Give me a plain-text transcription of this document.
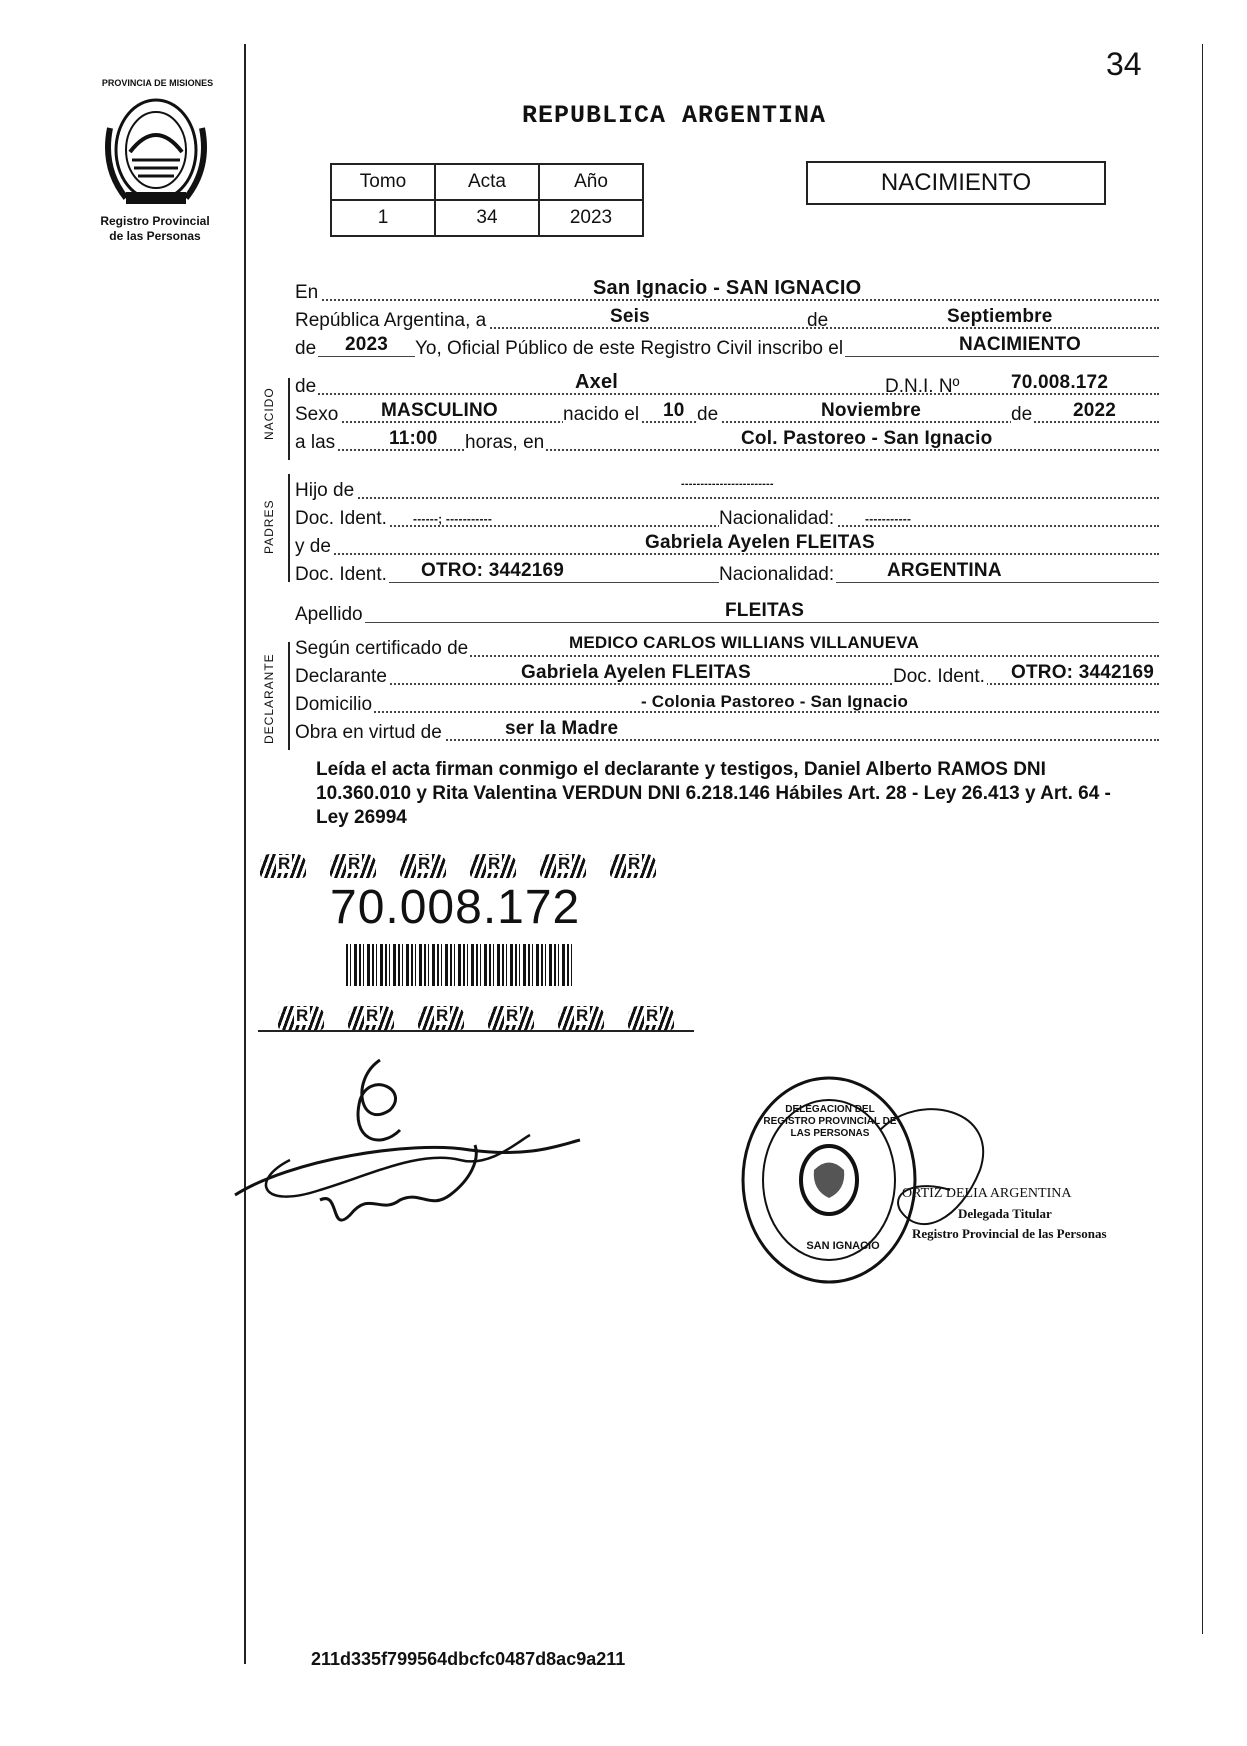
34
PROVINCIA DE MISIONES
Registro Provincial
de las Personas
REPUBLICA ARGENTINA
Tomo	Acta	Año
1	34	2023
NACIMIENTO
En	San Ignacio - SAN IGNACIO
República Argentina, a	Seis	de	Septiembre
de 2023 Yo, Oficial Público de este Registro Civil inscribo el	NACIMIENTO
NACIDO
de	Axel	D.N.I. Nº	70.008.172
Sexo MASCULINO	nacido el 10 de	Noviembre	de 2022
a las	11:00 horas, en	Col. Pastoreo - San Ignacio
PADRES
Hijo de	------------------------
Doc. Ident. ------; -----------	Nacionalidad:	-----------
y de	Gabriela Ayelen FLEITAS
Doc. Ident. OTRO: 3442169	Nacionalidad:	ARGENTINA
Apellido	FLEITAS
DECLARANTE
Según certificado de	MEDICO CARLOS WILLIANS VILLANUEVA
Declarante	Gabriela Ayelen FLEITAS	Doc. Ident. OTRO: 3442169
Domicilio	- Colonia Pastoreo - San Ignacio
Obra en virtud de	ser la Madre
Leída el acta firman conmigo el declarante y testigos, Daniel Alberto RAMOS DNI 10.360.010 y Rita Valentina VERDUN DNI 6.218.146 Hábiles Art. 28 - Ley 26.413 y Art. 64 - Ley 26994
RRRRRR
70.008.172
RRRRRR
DELEGACION DEL REGISTRO PROVINCIAL DE LAS PERSONAS
SAN IGNACIO
ORTIZ DELIA ARGENTINA
Delegada Titular
Registro Provincial de las Personas
211d335f799564dbcfc0487d8ac9a211
